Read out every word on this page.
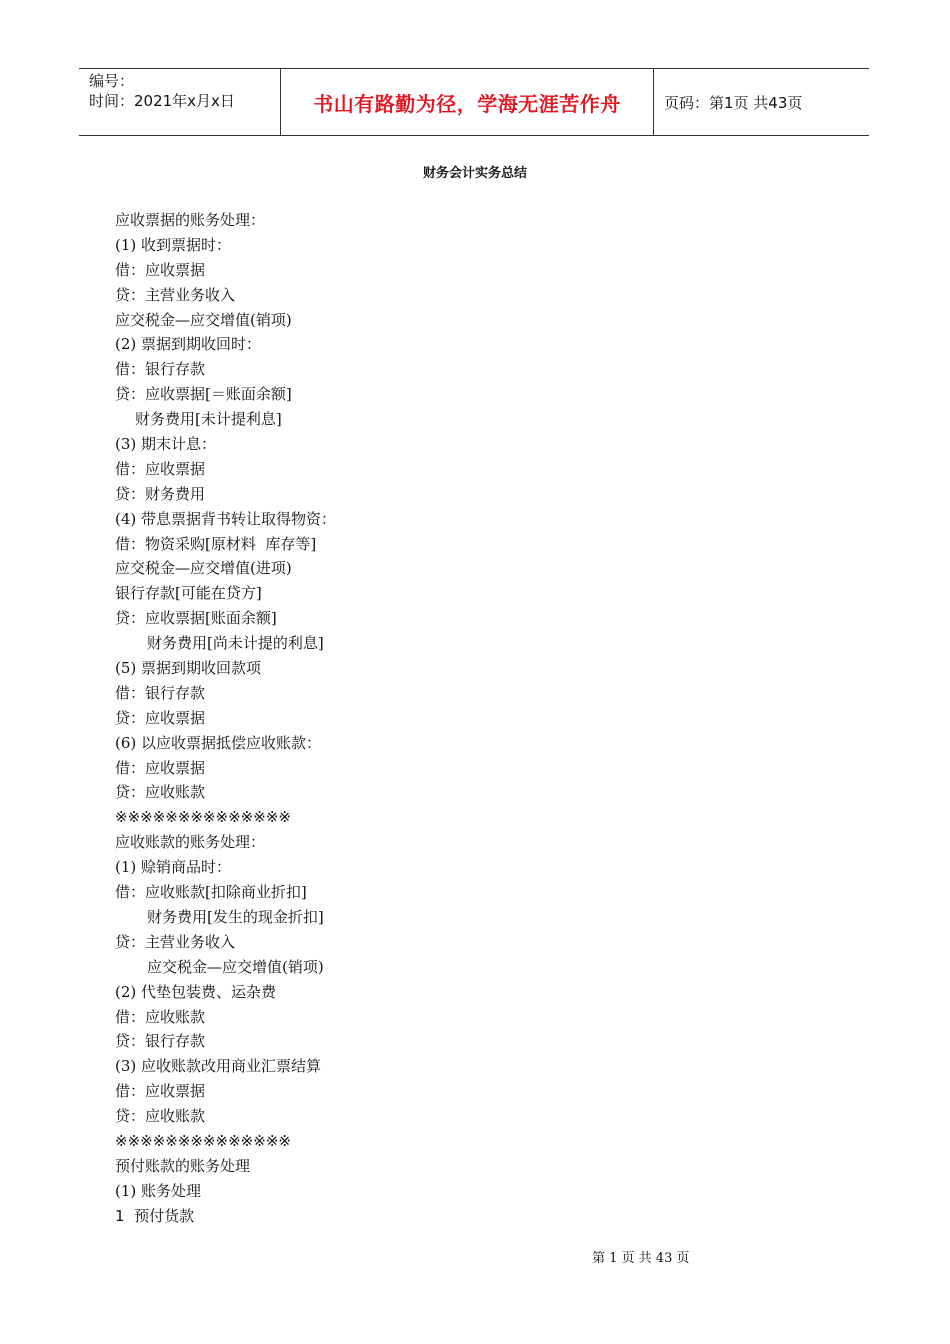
编号：
时间：2021年x月x日	书山有路勤为径，学海无涯苦作舟	页码：第1页 共43页
财务会计实务总结
应收票据的账务处理：
(1) 收到票据时：
借：应收票据
贷：主营业务收入
应交税金—应交增值(销项)
(2) 票据到期收回时：
借：银行存款
贷：应收票据[＝账面余额]
财务费用[未计提利息]
(3) 期末计息：
借：应收票据
贷：财务费用
(4) 带息票据背书转让取得物资：
借：物资采购[原材料  库存等]
应交税金—应交增值(进项)
银行存款[可能在贷方]
贷：应收票据[账面余额]
财务费用[尚未计提的利息]
(5) 票据到期收回款项
借：银行存款
贷：应收票据
(6) 以应收票据抵偿应收账款：
借：应收票据
贷：应收账款
※※※※※※※※※※※※※※
应收账款的账务处理：
(1) 赊销商品时：
借：应收账款[扣除商业折扣]
财务费用[发生的现金折扣]
贷：主营业务收入
应交税金—应交增值(销项)
(2) 代垫包装费、运杂费
借：应收账款
贷：银行存款
(3) 应收账款改用商业汇票结算
借：应收票据
贷：应收账款
※※※※※※※※※※※※※※
预付账款的账务处理
(1) 账务处理
1  预付货款
第 1 页 共 43 页
